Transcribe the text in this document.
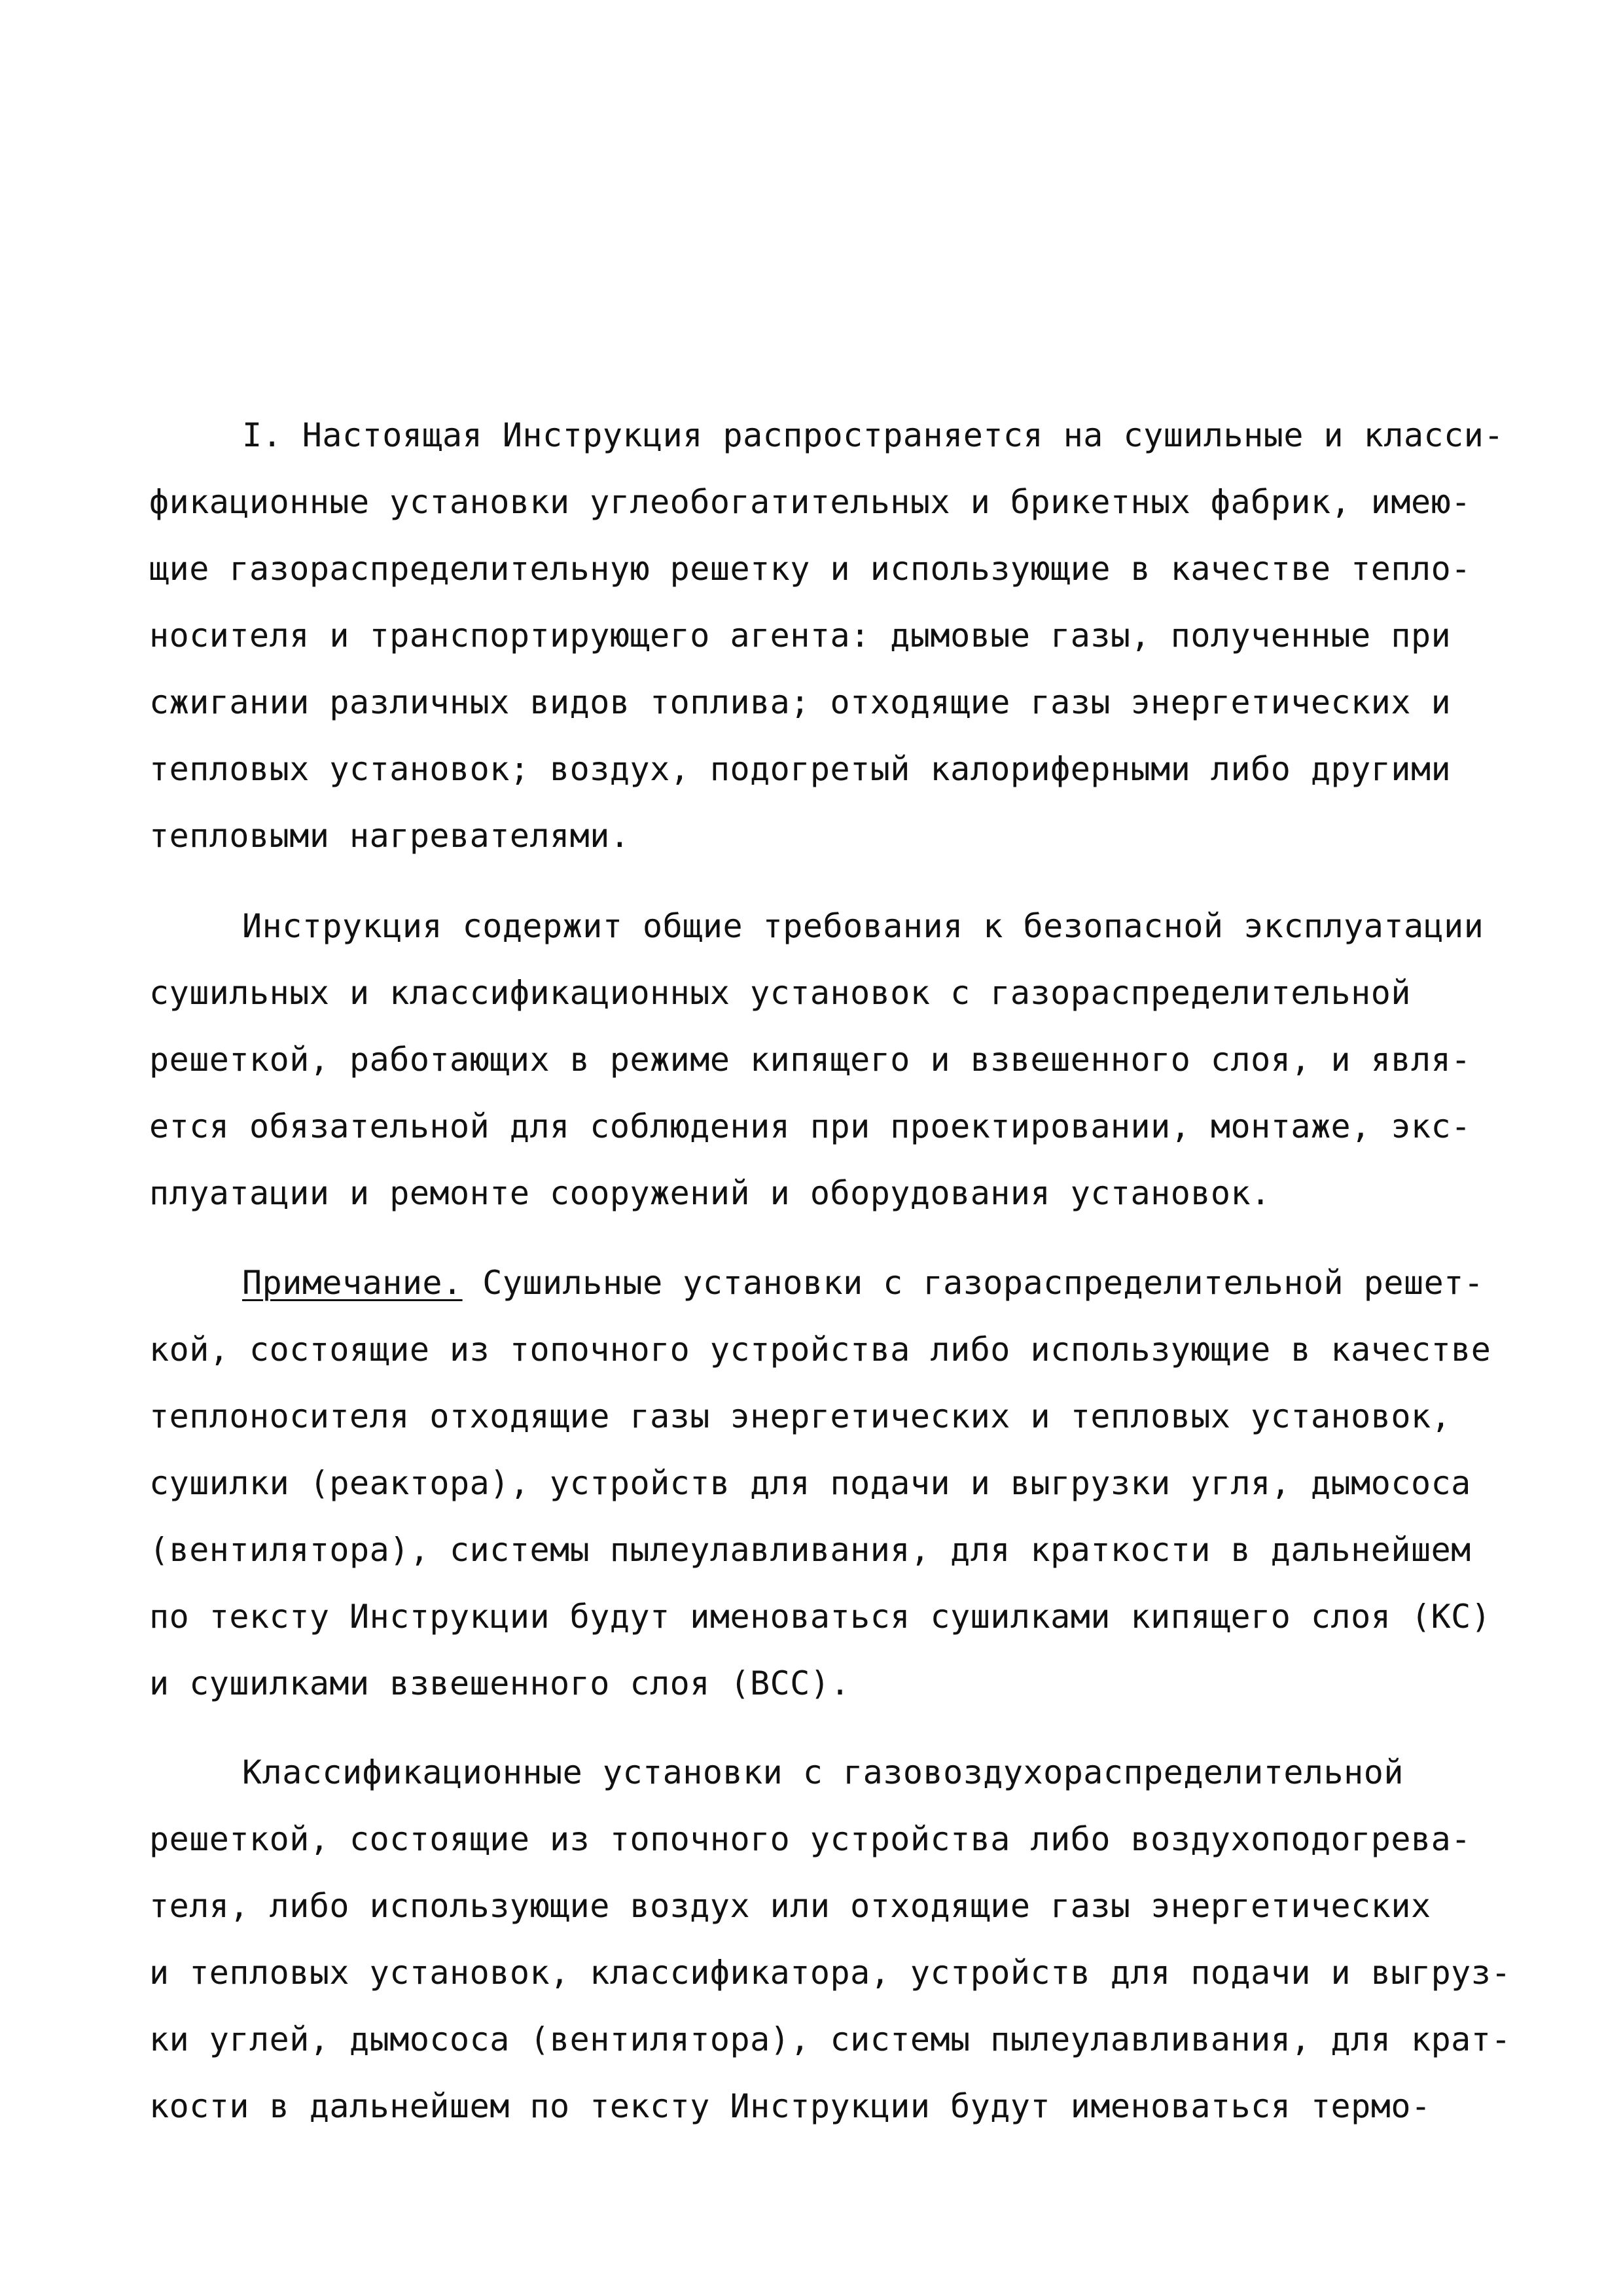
I. Настоящая Инструкция распространяется на сушильные и класси-
фикационные установки углеобогатительных и брикетных фабрик, имею-
щие газораспределительную решетку и использующие в качестве тепло-
носителя и транспортирующего агента: дымовые газы, полученные при
сжигании различных видов топлива; отходящие газы энергетических и
тепловых установок; воздух, подогретый калориферными либо другими
тепловыми нагревателями.
Инструкция содержит общие требования к безопасной эксплуатации
сушильных и классификационных установок с газораспределительной
решеткой, работающих в режиме кипящего и взвешенного слоя, и явля-
ется обязательной для соблюдения при проектировании, монтаже, экс-
плуатации и ремонте сооружений и оборудования установок.
Примечание. Сушильные установки с газораспределительной решет-
кой, состоящие из топочного устройства либо использующие в качестве
теплоносителя отходящие газы энергетических и тепловых установок,
сушилки (реактора), устройств для подачи и выгрузки угля, дымососа
(вентилятора), системы пылеулавливания, для краткости в дальнейшем
по тексту Инструкции будут именоваться сушилками кипящего слоя (КС)
и сушилками взвешенного слоя (ВСС).
Классификационные установки с газовоздухораспределительной
решеткой, состоящие из топочного устройства либо воздухоподогрева-
теля, либо использующие воздух или отходящие газы энергетических
и тепловых установок, классификатора, устройств для подачи и выгруз-
ки углей, дымососа (вентилятора), системы пылеулавливания, для крат-
кости в дальнейшем по тексту Инструкции будут именоваться термо-
